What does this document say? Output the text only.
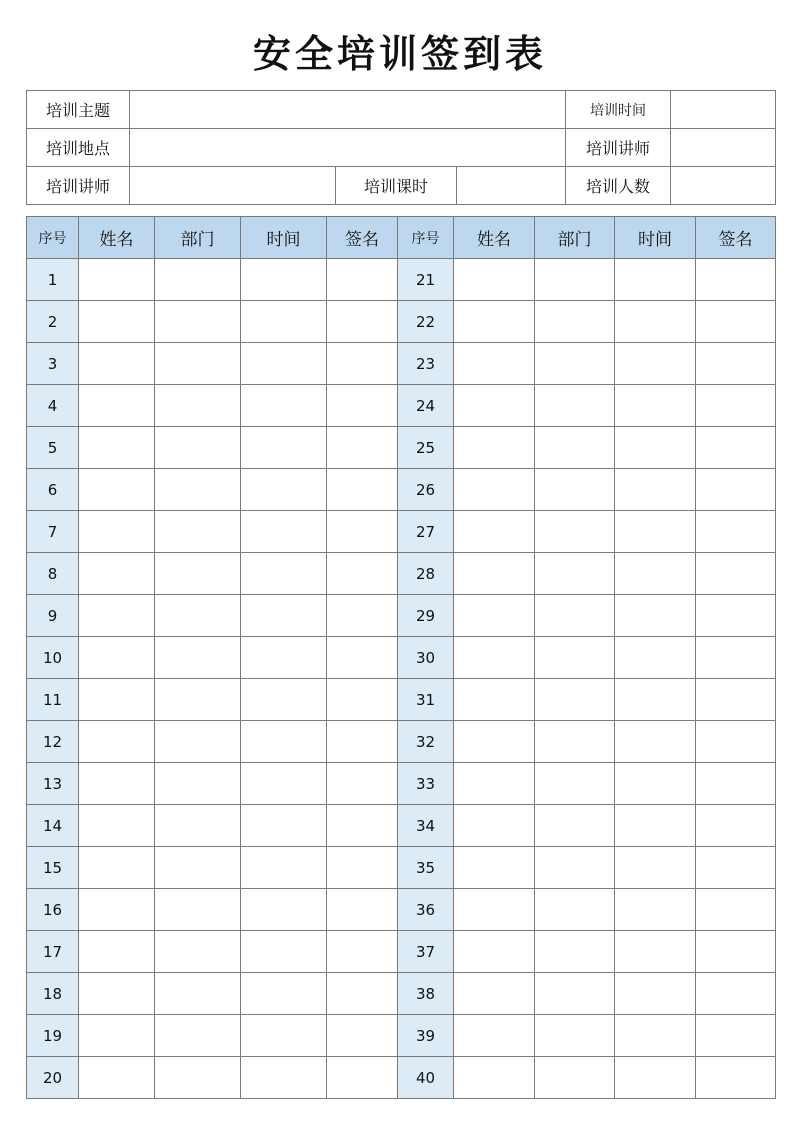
安全培训签到表
培训主题				培训时间	
培训地点				培训讲师	
培训讲师		培训课时		培训人数	
序号	姓名	部门	时间	签名	序号	姓名	部门	时间	签名
1					21				
2					22				
3					23				
4					24				
5					25				
6					26				
7					27				
8					28				
9					29				
10					30				
11					31				
12					32				
13					33				
14					34				
15					35				
16					36				
17					37				
18					38				
19					39				
20					40				
